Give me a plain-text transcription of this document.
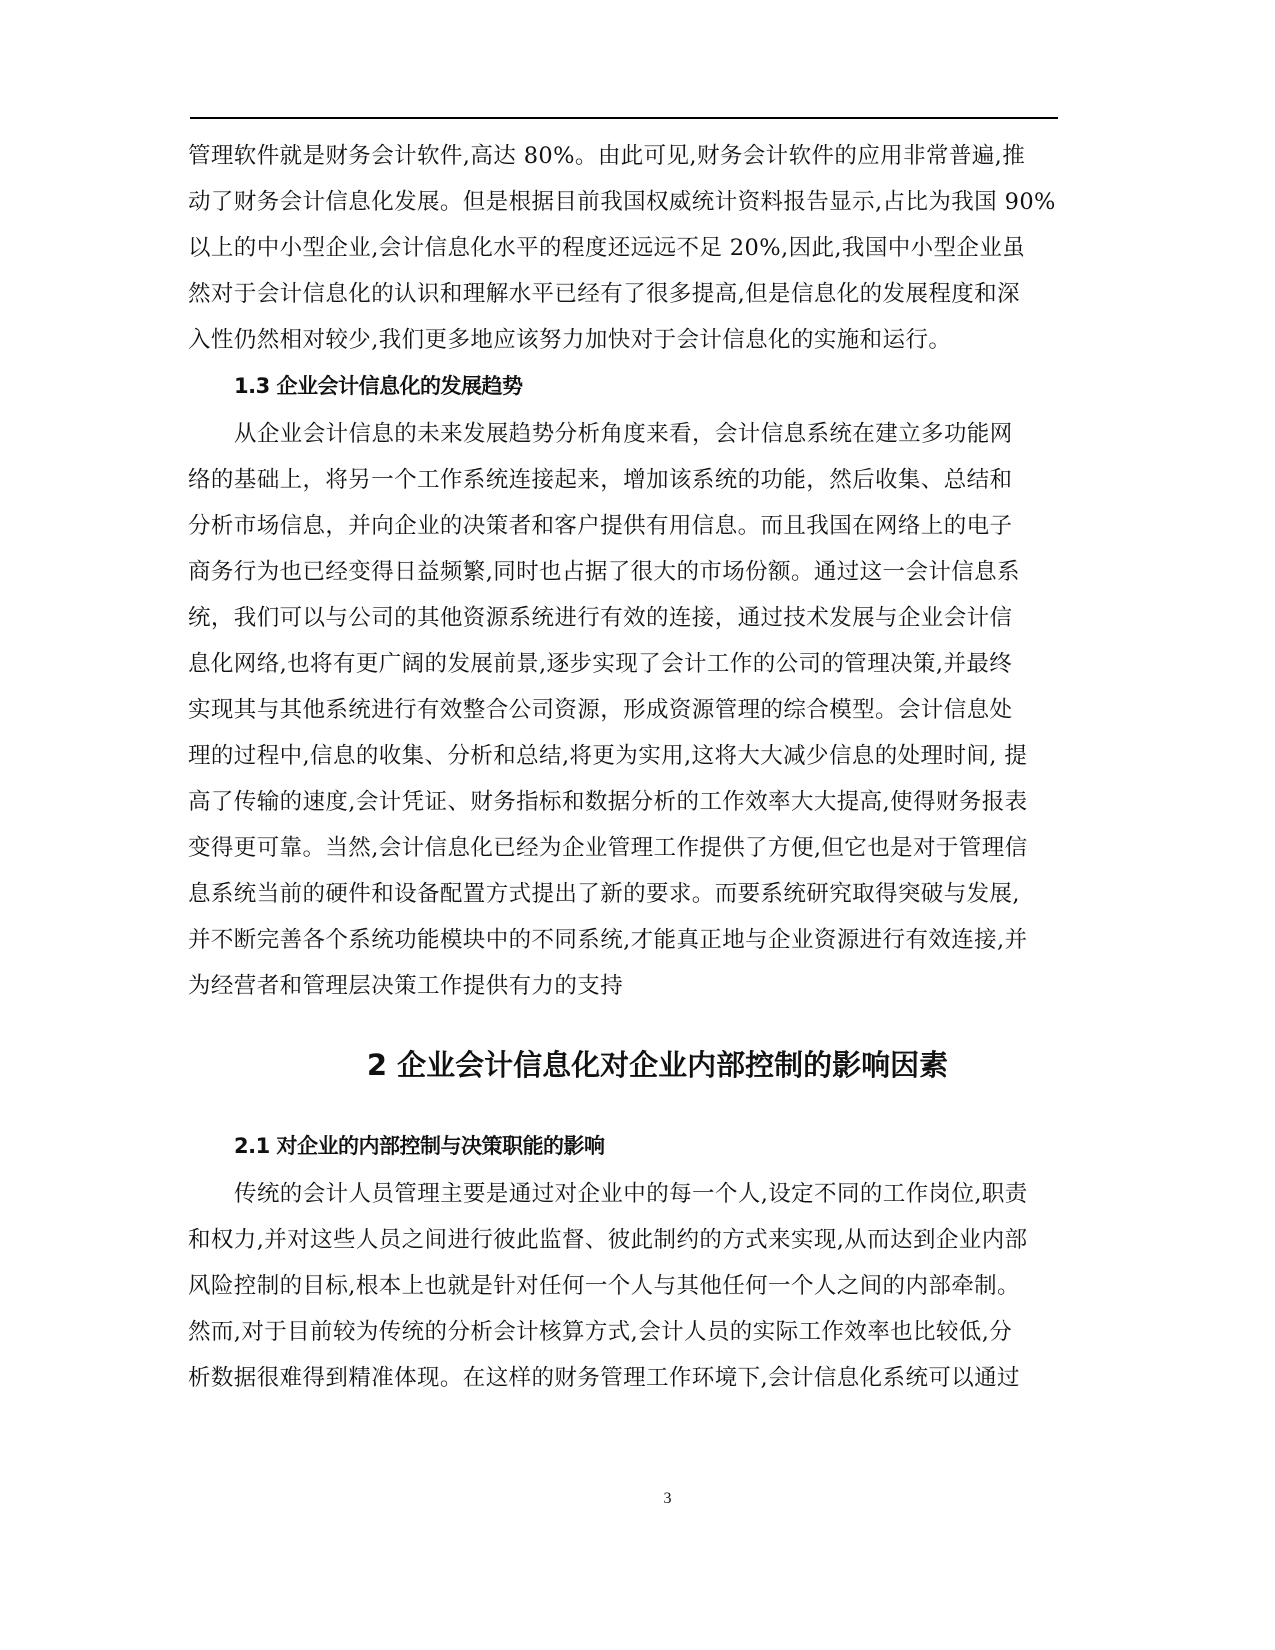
管理软件就是财务会计软件,高达 80%。由此可见,财务会计软件的应用非常普遍,推
动了财务会计信息化发展。但是根据目前我国权威统计资料报告显示,占比为我国 90%
以上的中小型企业,会计信息化水平的程度还远远不足 20%,因此,我国中小型企业虽
然对于会计信息化的认识和理解水平已经有了很多提高,但是信息化的发展程度和深
入性仍然相对较少,我们更多地应该努力加快对于会计信息化的实施和运行。
1.3 企业会计信息化的发展趋势
从企业会计信息的未来发展趋势分析角度来看，会计信息系统在建立多功能网
络的基础上，将另一个工作系统连接起来，增加该系统的功能，然后收集、总结和
分析市场信息，并向企业的决策者和客户提供有用信息。而且我国在网络上的电子
商务行为也已经变得日益频繁,同时也占据了很大的市场份额。通过这一会计信息系
统，我们可以与公司的其他资源系统进行有效的连接，通过技术发展与企业会计信
息化网络,也将有更广阔的发展前景,逐步实现了会计工作的公司的管理决策,并最终
实现其与其他系统进行有效整合公司资源，形成资源管理的综合模型。会计信息处
理的过程中,信息的收集、分析和总结,将更为实用,这将大大减少信息的处理时间, 提
高了传输的速度,会计凭证、财务指标和数据分析的工作效率大大提高,使得财务报表
变得更可靠。当然,会计信息化已经为企业管理工作提供了方便,但它也是对于管理信
息系统当前的硬件和设备配置方式提出了新的要求。而要系统研究取得突破与发展,
并不断完善各个系统功能模块中的不同系统,才能真正地与企业资源进行有效连接,并
为经营者和管理层决策工作提供有力的支持
2 企业会计信息化对企业内部控制的影响因素
2.1 对企业的内部控制与决策职能的影响
传统的会计人员管理主要是通过对企业中的每一个人,设定不同的工作岗位,职责
和权力,并对这些人员之间进行彼此监督、彼此制约的方式来实现,从而达到企业内部
风险控制的目标,根本上也就是针对任何一个人与其他任何一个人之间的内部牵制。
然而,对于目前较为传统的分析会计核算方式,会计人员的实际工作效率也比较低,分
析数据很难得到精准体现。在这样的财务管理工作环境下,会计信息化系统可以通过
3
